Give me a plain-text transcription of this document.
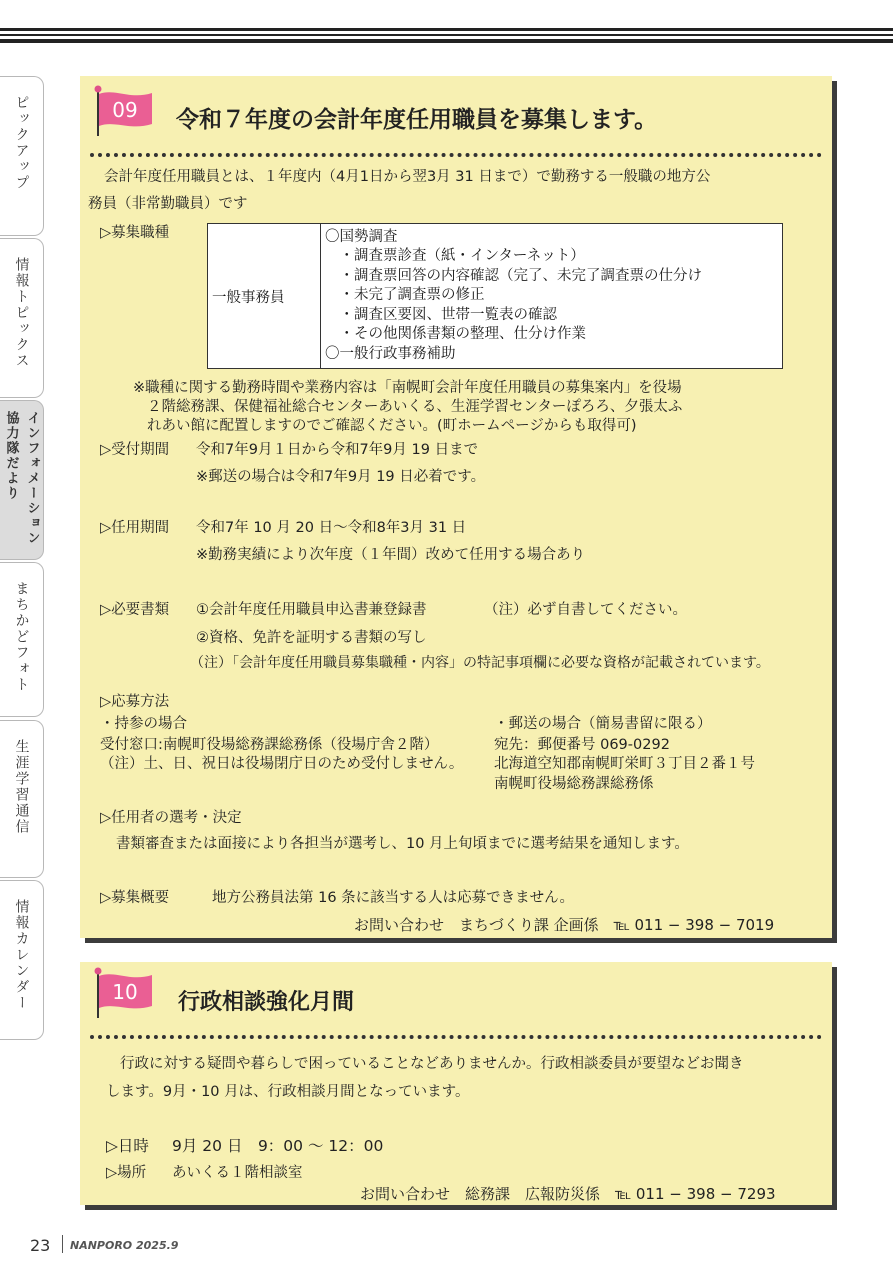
ピックアップ
情報トピックス
インフォメーション
協力隊だより
まちかどフォト
生涯学習通信
情報カレンダー
09 令和７年度の会計年度任用職員を募集します。
会計年度任用職員とは、１年度内（4月1日から翌3月 31 日まで）で勤務する一般職の地方公
務員（非常勤職員）です
▷募集職種
一般事務員	
〇国勢調査
　・調査票診査（紙・インターネット）
　・調査票回答の内容確認（完了、未完了調査票の仕分け
　・未完了調査票の修正
　・調査区要図、世帯一覧表の確認
　・その他関係書類の整理、仕分け作業
〇一般行政事務補助
※職種に関する勤務時間や業務内容は「南幌町会計年度任用職員の募集案内」を役場
２階総務課、保健福祉総合センターあいくる、生涯学習センターぽろろ、夕張太ふ
れあい館に配置しますのでご確認ください。(町ホームページからも取得可)
▷受付期間 令和7年9月１日から令和7年9月 19 日まで
※郵送の場合は令和7年9月 19 日必着です。
▷任用期間 令和7年 10 月 20 日〜令和8年3月 31 日
※勤務実績により次年度（１年間）改めて任用する場合あり
▷必要書類 ①会計年度任用職員申込書兼登録書	（注）必ず自書してください。
②資格、免許を証明する書類の写し
（注）「会計年度任用職員募集職種・内容」の特記事項欄に必要な資格が記載されています。
▷応募方法
・持参の場合
受付窓口:南幌町役場総務課総務係（役場庁舎２階）
（注）土、日、祝日は役場閉庁日のため受付しません。
・郵送の場合（簡易書留に限る）
宛先：郵便番号 069-0292
北海道空知郡南幌町栄町３丁目２番１号
南幌町役場総務課総務係
▷任用者の選考・決定
書類審査または面接により各担当が選考し、10 月上旬頃までに選考結果を通知します。
▷募集概要	地方公務員法第 16 条に該当する人は応募できません。
お問い合わせ　まちづくり課 企画係　℡ 011 − 398 − 7019
10 行政相談強化月間
行政に対する疑問や暮らしで困っていることなどありませんか。行政相談委員が要望などお聞き
します。9月・10 月は、行政相談月間となっています。
▷日時 9月 20 日　9：00 〜 12：00
▷場所 あいくる１階相談室
お問い合わせ　総務課　広報防災係　℡ 011 − 398 − 7293
23 NANPORO 2025.9
